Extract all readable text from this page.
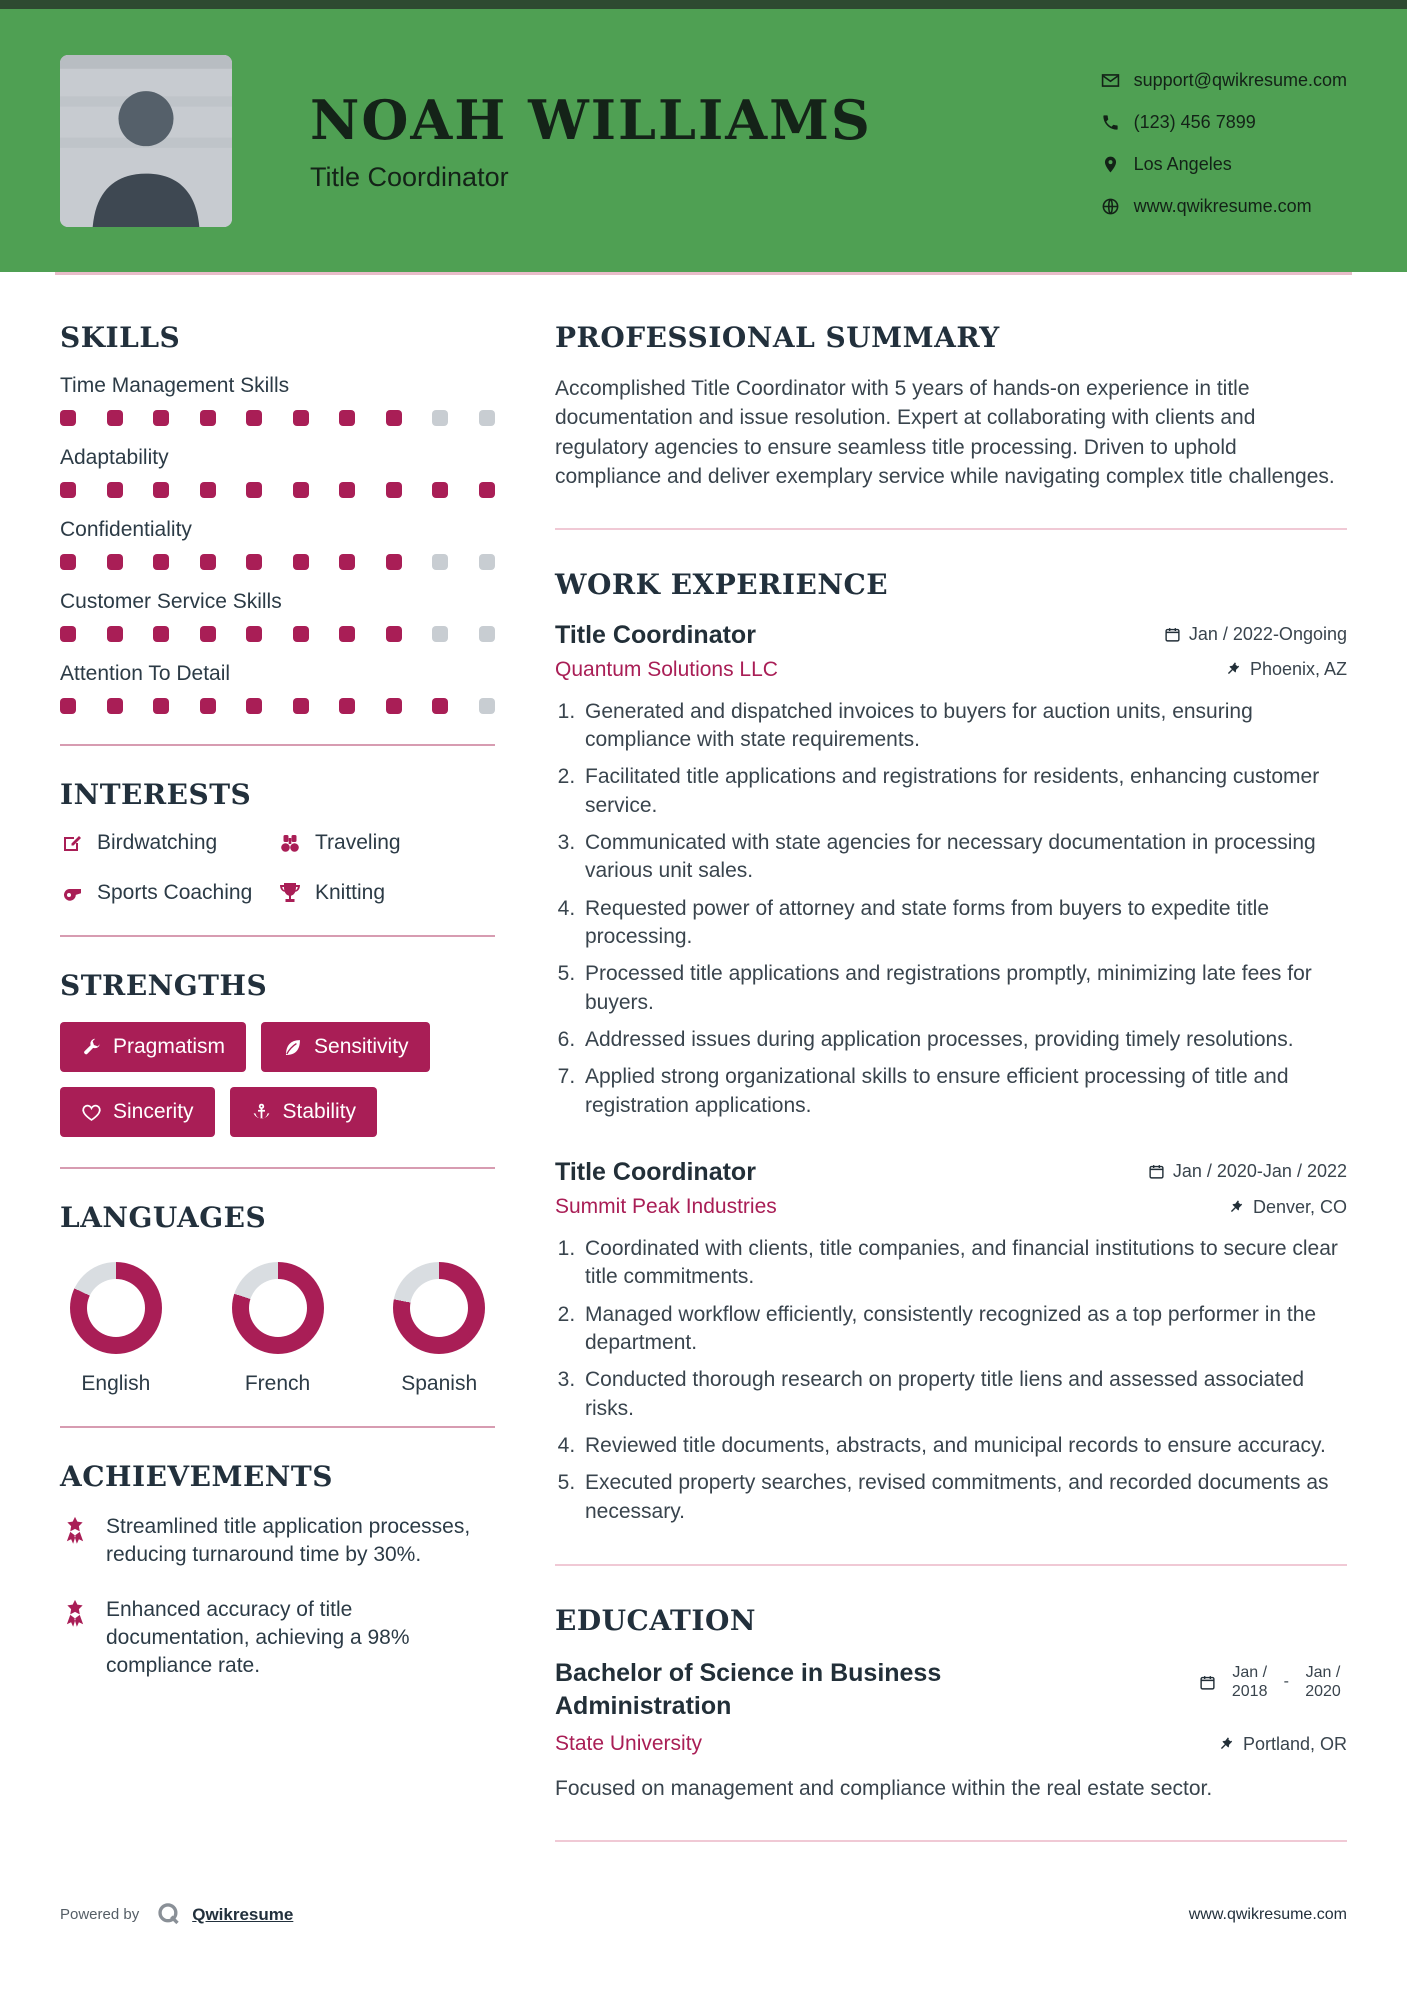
NOAH WILLIAMS
Title Coordinator
support@qwikresume.com
(123) 456 7899
Los Angeles
www.qwikresume.com
SKILLS
Time Management Skills
Adaptability
Confidentiality
Customer Service Skills
Attention To Detail
INTERESTS
Birdwatching	Traveling
Sports Coaching	Knitting
STRENGTHS
Pragmatism	Sensitivity
Sincerity	Stability
LANGUAGES
English	French	Spanish
ACHIEVEMENTS
Streamlined title application processes, reducing turnaround time by 30%.
Enhanced accuracy of title documentation, achieving a 98% compliance rate.
PROFESSIONAL SUMMARY

Accomplished Title Coordinator with 5 years of hands-on experience in title documentation and issue resolution. Expert at collaborating with clients and regulatory agencies to ensure seamless title processing. Driven to uphold compliance and deliver exemplary service while navigating complex title challenges.

WORK EXPERIENCE
Title Coordinator	Jan / 2022-Ongoing
Quantum Solutions LLC	Phoenix, AZ
1. Generated and dispatched invoices to buyers for auction units, ensuring compliance with state requirements.
2. Facilitated title applications and registrations for residents, enhancing customer service.
3. Communicated with state agencies for necessary documentation in processing various unit sales.
4. Requested power of attorney and state forms from buyers to expedite title processing.
5. Processed title applications and registrations promptly, minimizing late fees for buyers.
6. Addressed issues during application processes, providing timely resolutions.
7. Applied strong organizational skills to ensure efficient processing of title and registration applications.
Title Coordinator	Jan / 2020-Jan / 2022
Summit Peak Industries	Denver, CO
1. Coordinated with clients, title companies, and financial institutions to secure clear title commitments.
2. Managed workflow efficiently, consistently recognized as a top performer in the department.
3. Conducted thorough research on property title liens and assessed associated risks.
4. Reviewed title documents, abstracts, and municipal records to ensure accuracy.
5. Executed property searches, revised commitments, and recorded documents as necessary.
EDUCATION
Bachelor of Science in Business Administration
Jan / 2018
-
Jan / 2020
State University	Portland, OR

Focused on management and compliance within the real estate sector.

Powered by	Qwikresume	www.qwikresume.com
